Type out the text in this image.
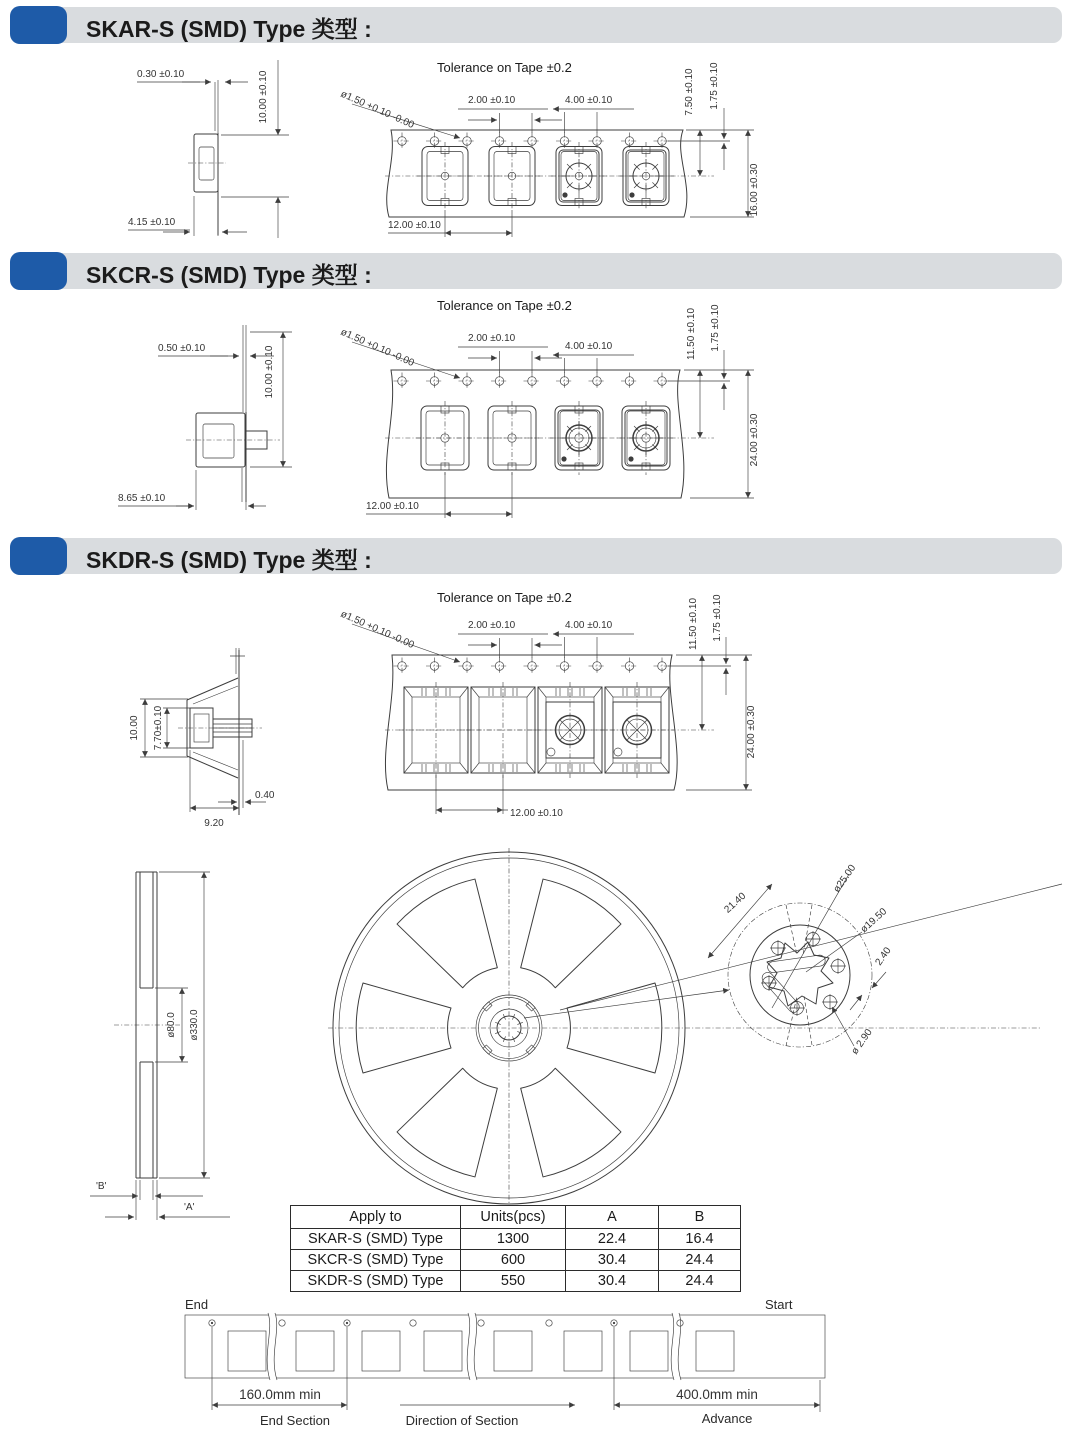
SKAR-S (SMD) Type 类型 :
SKCR-S (SMD) Type 类型 :
SKDR-S (SMD) Type 类型 :
0.30 ±0.10	10.00 ±0.10
4.15 ±0.10
Tolerance on Tape ±0.2
ø1.50 +0.10 -0.00	2.00 ±0.10	4.00 ±0.10	7.50 ±0.10 1.75 ±0.10
16.00 ±0.30
12.00 ±0.10
0.50 ±0.10	10.00 ±0.10
8.65 ±0.10
Tolerance on Tape ±0.2
ø1.50 +0.10 -0.00	2.00 ±0.10
4.00 ±0.10	11.50 ±0.10 1.75 ±0.10
24.00 ±0.30
12.00 ±0.10
10.00 7.70±0.10
0.40
9.20
Tolerance on Tape ±0.2
ø1.50 +0.10 -0.00	2.00 ±0.10	4.00 ±0.10	11.50 ±0.10 1.75 ±0.10
24.00 ±0.30
12.00 ±0.10
ø80.0 ø330.0
'B'
'A'
21.40
ø25.00
ø19.50
2.40
ø 2.90
Apply to	Units(pcs)	A	B
SKAR-S (SMD) Type	1300	22.4	16.4
SKCR-S (SMD) Type	600	30.4	24.4
SKDR-S (SMD) Type	550	30.4	24.4
End	Start
160.0mm min	400.0mm min
End Section	Direction of Section	Advance
